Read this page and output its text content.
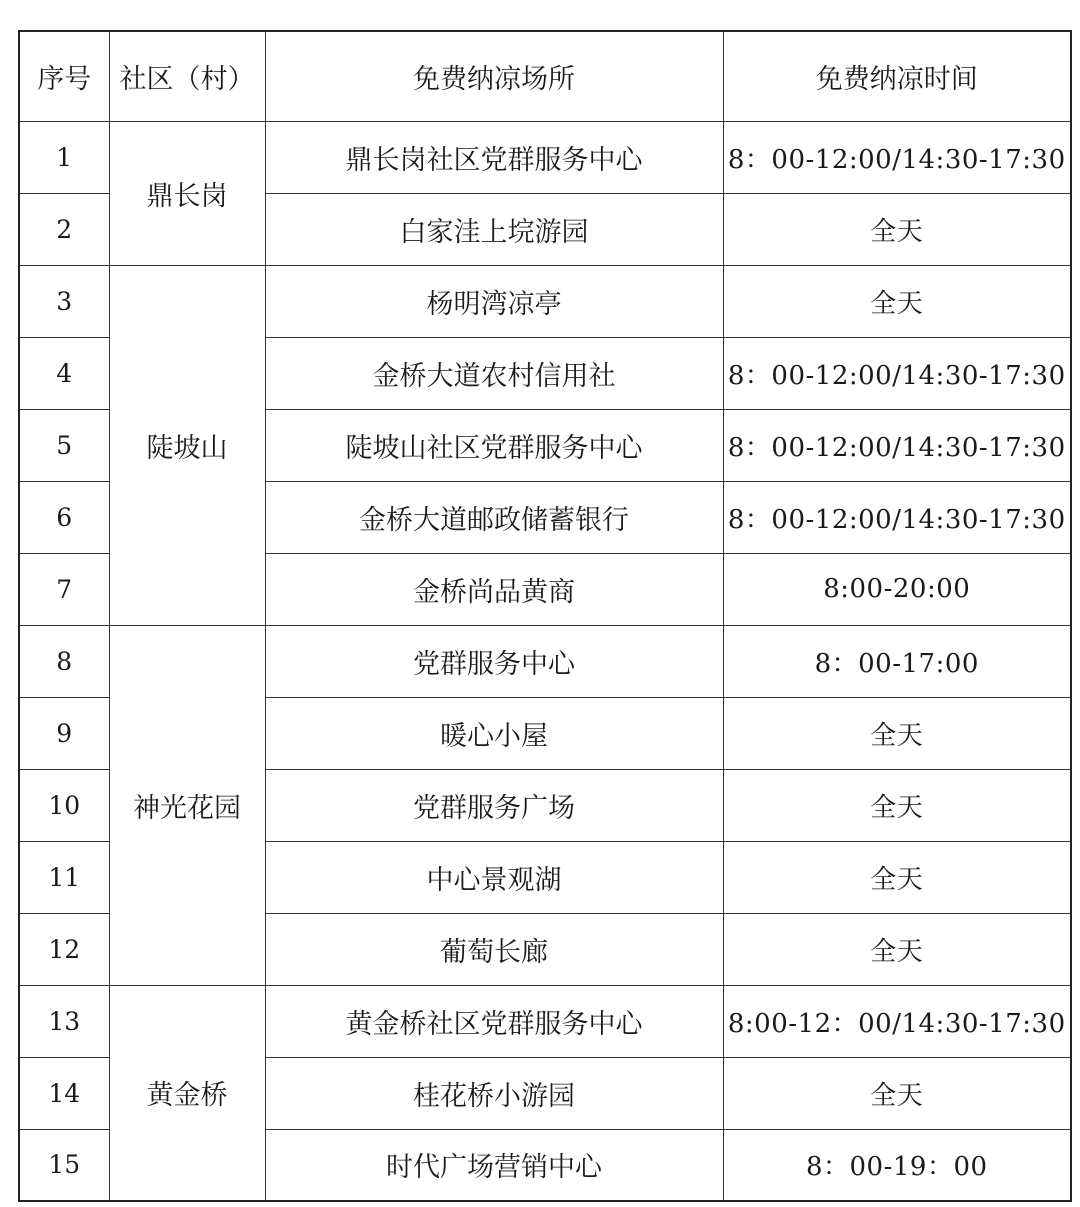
序号	社区（村）	免费纳凉场所	免费纳凉时间
1	鼎长岗	鼎长岗社区党群服务中心	8：00-12:00/14:30-17:30
2		白家洼上垸游园	全天
3	陡坡山	杨明湾凉亭	全天
4		金桥大道农村信用社	8：00-12:00/14:30-17:30
5		陡坡山社区党群服务中心	8：00-12:00/14:30-17:30
6		金桥大道邮政储蓄银行	8：00-12:00/14:30-17:30
7		金桥尚品黄商	8:00-20:00
8	神光花园	党群服务中心	8：00-17:00
9		暖心小屋	全天
10		党群服务广场	全天
11		中心景观湖	全天
12		葡萄长廊	全天
13	黄金桥	黄金桥社区党群服务中心	8:00-12：00/14:30-17:30
14		桂花桥小游园	全天
15		时代广场营销中心	8：00-19：00
